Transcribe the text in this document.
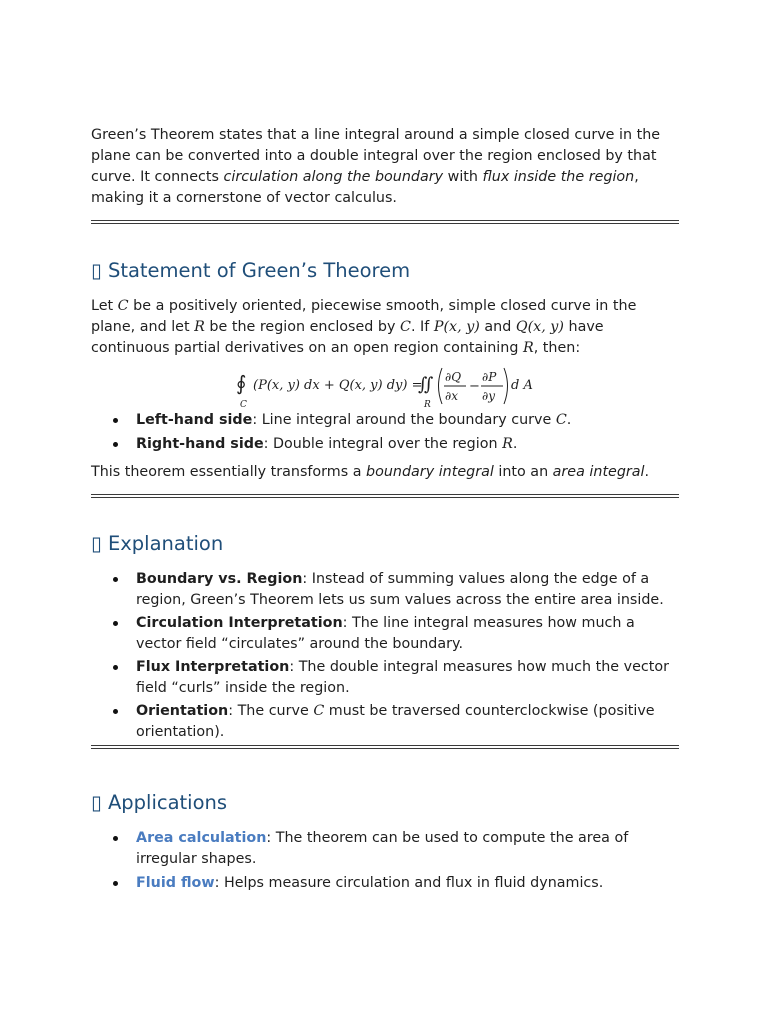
Green’s Theorem states that a line integral around a simple closed curve in the plane can be converted into a double integral over the region enclosed by that curve. It connects circulation along the boundary with flux inside the region, making it a cornerstone of vector calculus.

▯ Statement of Green’s Theorem

Let C be a positively oriented, piecewise smooth, simple closed curve in the plane, and let R be the region enclosed by C. If P(x, y) and Q(x, y) have continuous partial derivatives on an open region containing R, then:

∮
C
(P(x, y) dx + Q(x, y) dy) =
∬
R
∂Q
∂x
−
∂P
∂y
d A
Left-hand side: Line integral around the boundary curve C.
Right-hand side: Double integral over the region R.

This theorem essentially transforms a boundary integral into an area integral.

▯ Explanation
Boundary vs. Region: Instead of summing values along the edge of a region, Green’s Theorem lets us sum values across the entire area inside.
Circulation Interpretation: The line integral measures how much a vector field “circulates” around the boundary.
Flux Interpretation: The double integral measures how much the vector field “curls” inside the region.
Orientation: The curve C must be traversed counterclockwise (positive orientation).
▯ Applications
Area calculation: The theorem can be used to compute the area of irregular shapes.
Fluid flow: Helps measure circulation and flux in fluid dynamics.
